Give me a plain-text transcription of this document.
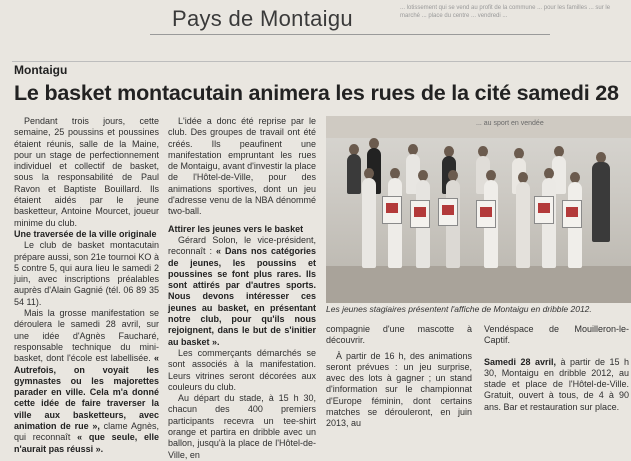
Pays de Montaigu	... lotissement qui se vend au profit de la commune ... pour les familles ... sur le marché ... place du centre ... vendredi ...
Montaigu
Le basket montacutain animera les rues de la cité samedi 28

Pendant trois jours, cette semaine, 25 poussins et poussines étaient réunis, salle de la Maine, pour un stage de perfectionnement individuel et collectif de basket, sous la responsabilité de Paul Ravon et Baptiste Bouillard. Ils étaient aidés par le jeune basketteur, Antoine Mourcet, joueur minime du club.

Une traversée de la ville originale

Le club de basket montacutain prépare aussi, son 21e tournoi KO à 5 contre 5, qui aura lieu le samedi 2 juin, avec inscriptions préalables auprès d'Alain Gagnié (tél. 06 89 35 54 11).

Mais la grosse manifestation se déroulera le samedi 28 avril, sur une idée d'Agnès Faucharé, responsable technique du mini-basket, dont l'école est labellisée. « Autrefois, on voyait les gymnastes ou les majorettes parader en ville. Cela m'a donné cette idée de faire traverser la ville aux basketteurs, avec animation de rue », clame Agnès, qui reconnaît « que seule, elle n'aurait pas réussi ».

L'idée a donc été reprise par le club. Des groupes de travail ont été créés. Ils peaufinent une manifestation empruntant les rues de Montaigu, avant d'investir la place de l'Hôtel-de-Ville, pour des animations sportives, dont un jeu d'adresse venu de la NBA dénommé two-ball.

Attirer les jeunes vers le basket

Gérard Solon, le vice-président, reconnaît : « Dans nos catégories de jeunes, les poussins et poussines se font plus rares. Ils sont attirés par d'autres sports. Nous devons intéresser ces jeunes au basket, en présentant notre club, pour qu'ils nous rejoignent, dans le but de s'initier au basket ».

Les commerçants démarchés se sont associés à la manifestation. Leurs vitrines seront décorées aux couleurs du club.

Au départ du stade, à 15 h 30, chacun des 400 premiers participants recevra un tee-shirt orange et partira en dribble avec un ballon, jusqu'à la place de l'Hôtel-de-Ville, en

... au sport en vendée
Les jeunes stagiaires présentent l'affiche de Montaigu en dribble 2012.

compagnie d'une mascotte à découvrir.

À partir de 16 h, des animations seront prévues : un jeu surprise, avec des lots à gagner ; un stand d'information sur le championnat d'Europe féminin, dont certains matches se dérouleront, en juin 2013, au

Vendéspace de Mouilleron-le-Captif.

Samedi 28 avril, à partir de 15 h 30, Montaigu en dribble 2012, au stade et place de l'Hôtel-de-Ville. Gratuit, ouvert à tous, de 4 à 90 ans. Bar et restauration sur place.
